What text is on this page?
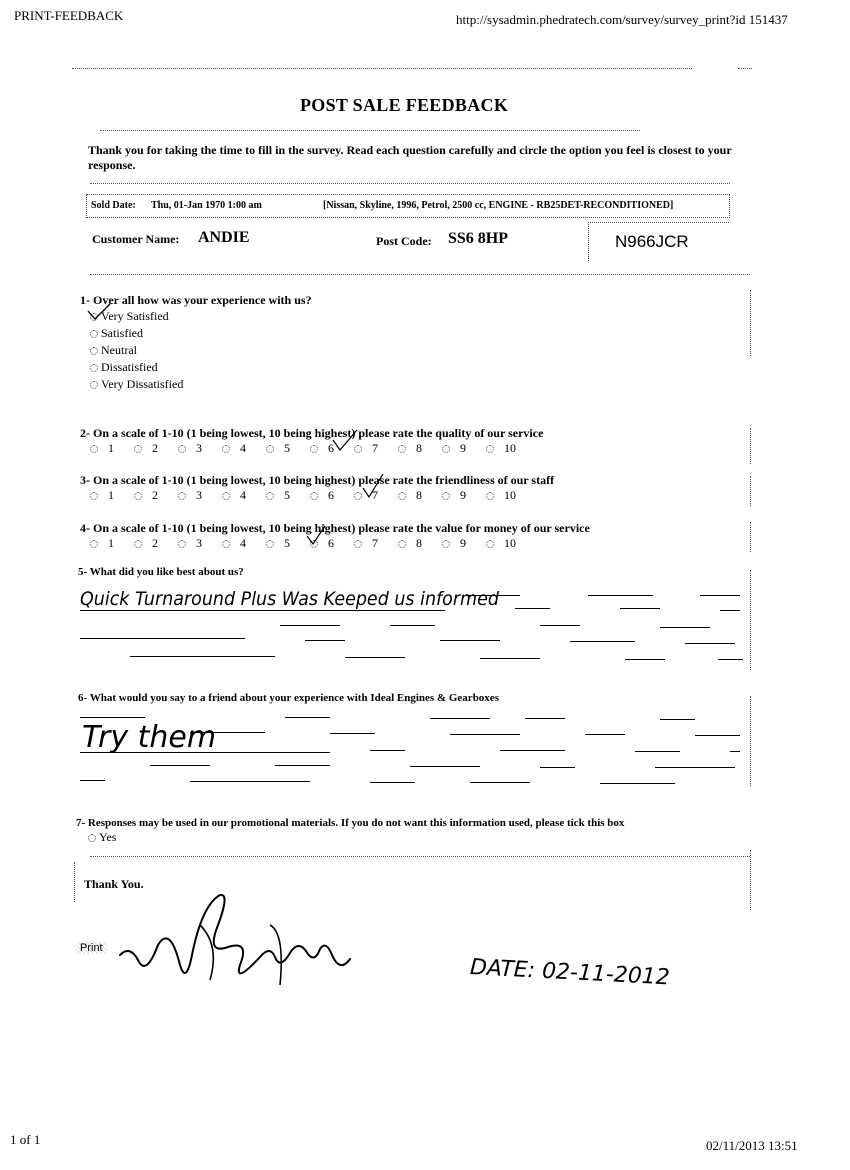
PRINT-FEEDBACK	http://sysadmin.phedratech.com/survey/survey_print?id 151437
POST SALE FEEDBACK
Thank you for taking the time to fill in the survey. Read each question carefully and circle the option you feel is closest to your response.
Sold Date: Thu, 01-Jan 1970 1:00 am	[Nissan, Skyline, 1996, Petrol, 2500 cc, ENGINE - RB25DET-RECONDITIONED]
Customer Name: ANDIE	Post Code: SS6 8HP	N966JCR
1- Over all how was your experience with us?
Very Satisfied
Satisfied
Neutral
Dissatisfied
Very Dissatisfied
2- On a scale of 1-10 (1 being lowest, 10 being highest) please rate the quality of our service
1	2	3	4	5	6	7	8	9	10
3- On a scale of 1-10 (1 being lowest, 10 being highest) please rate the friendliness of our staff
1	2	3	4	5	6	7	8	9	10
4- On a scale of 1-10 (1 being lowest, 10 being highest) please rate the value for money of our service
1	2	3	4	5	6	7	8	9	10
5- What did you like best about us?
Quick Turnaround Plus Was Keeped us informed
6- What would you say to a friend about your experience with Ideal Engines & Gearboxes
Try them
7- Responses may be used in our promotional materials. If you do not want this information used, please tick this box
Yes
Thank You.
Print
DATE: 02-11-2012
1 of 1	02/11/2013 13:51
